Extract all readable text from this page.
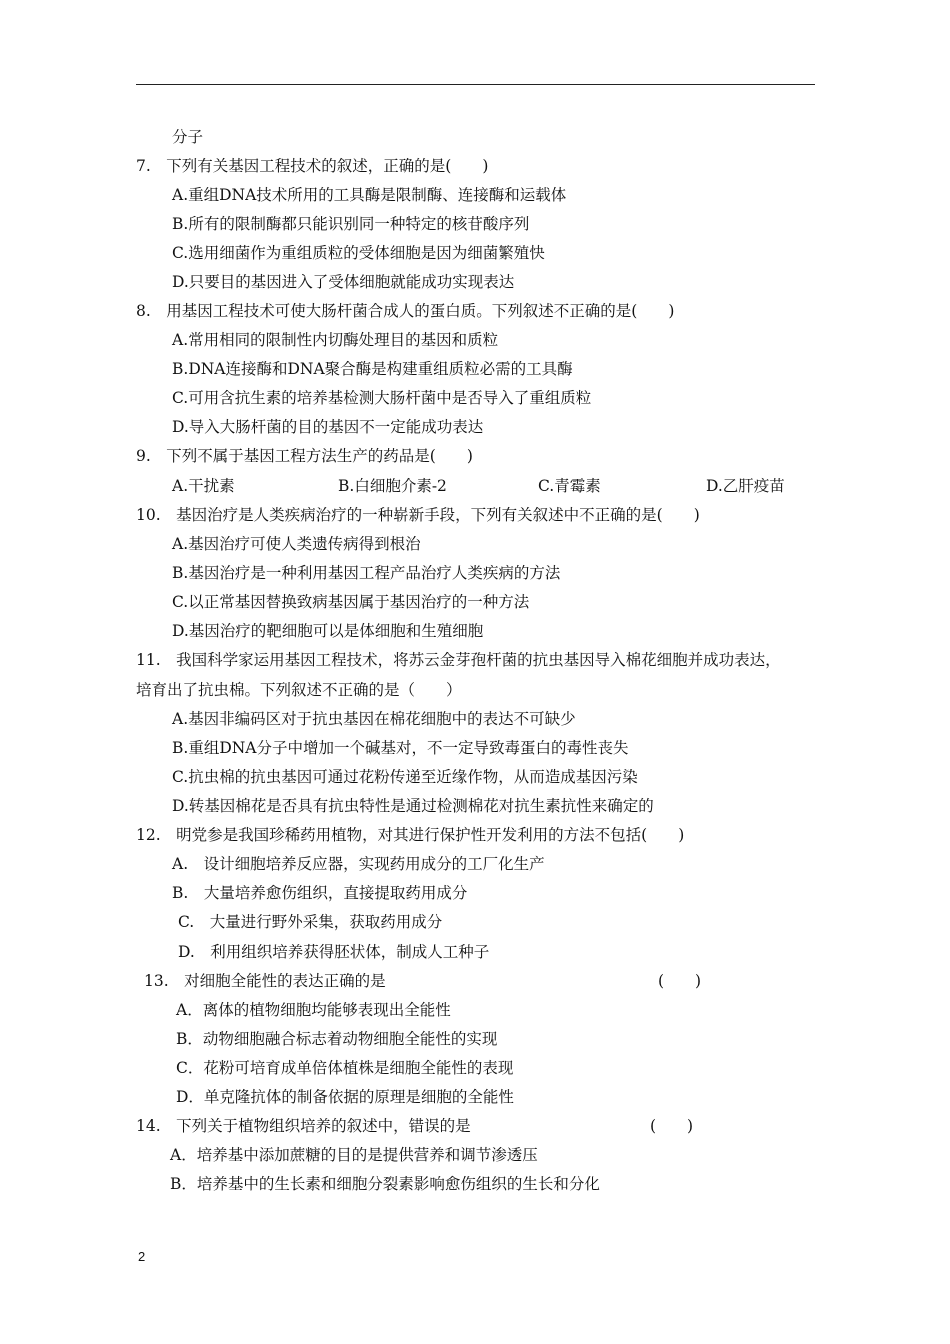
分子
7.　下列有关基因工程技术的叙述，正确的是(　　)
A.重组DNA技术所用的工具酶是限制酶、连接酶和运载体
B.所有的限制酶都只能识别同一种特定的核苷酸序列
C.选用细菌作为重组质粒的受体细胞是因为细菌繁殖快
D.只要目的基因进入了受体细胞就能成功实现表达
8.　用基因工程技术可使大肠杆菌合成人的蛋白质。下列叙述不正确的是(　　)
A.常用相同的限制性内切酶处理目的基因和质粒
B.DNA连接酶和DNA聚合酶是构建重组质粒必需的工具酶
C.可用含抗生素的培养基检测大肠杆菌中是否导入了重组质粒
D.导入大肠杆菌的目的基因不一定能成功表达
9.　下列不属于基因工程方法生产的药品是(　　)
A.干扰素	B.白细胞介素-2	C.青霉素	D.乙肝疫苗
10.　基因治疗是人类疾病治疗的一种崭新手段，下列有关叙述中不正确的是(　　)
A.基因治疗可使人类遗传病得到根治
B.基因治疗是一种利用基因工程产品治疗人类疾病的方法
C.以正常基因替换致病基因属于基因治疗的一种方法
D.基因治疗的靶细胞可以是体细胞和生殖细胞
11.　我国科学家运用基因工程技术，将苏云金芽孢杆菌的抗虫基因导入棉花细胞并成功表达，
培育出了抗虫棉。下列叙述不正确的是（　　）
A.基因非编码区对于抗虫基因在棉花细胞中的表达不可缺少
B.重组DNA分子中增加一个碱基对，不一定导致毒蛋白的毒性丧失
C.抗虫棉的抗虫基因可通过花粉传递至近缘作物，从而造成基因污染
D.转基因棉花是否具有抗虫特性是通过检测棉花对抗生素抗性来确定的
12.　明党参是我国珍稀药用植物，对其进行保护性开发利用的方法不包括(　　)
A.　设计细胞培养反应器，实现药用成分的工厂化生产
B.　大量培养愈伤组织，直接提取药用成分
C.　大量进行野外采集，获取药用成分
D.　利用组织培养获得胚状体，制成人工种子
13.　对细胞全能性的表达正确的是	(　　)
A．离体的植物细胞均能够表现出全能性
B．动物细胞融合标志着动物细胞全能性的实现
C．花粉可培育成单倍体植株是细胞全能性的表现
D．单克隆抗体的制备依据的原理是细胞的全能性
14.　下列关于植物组织培养的叙述中，错误的是	(　　)
A．培养基中添加蔗糖的目的是提供营养和调节渗透压
B．培养基中的生长素和细胞分裂素影响愈伤组织的生长和分化
2
